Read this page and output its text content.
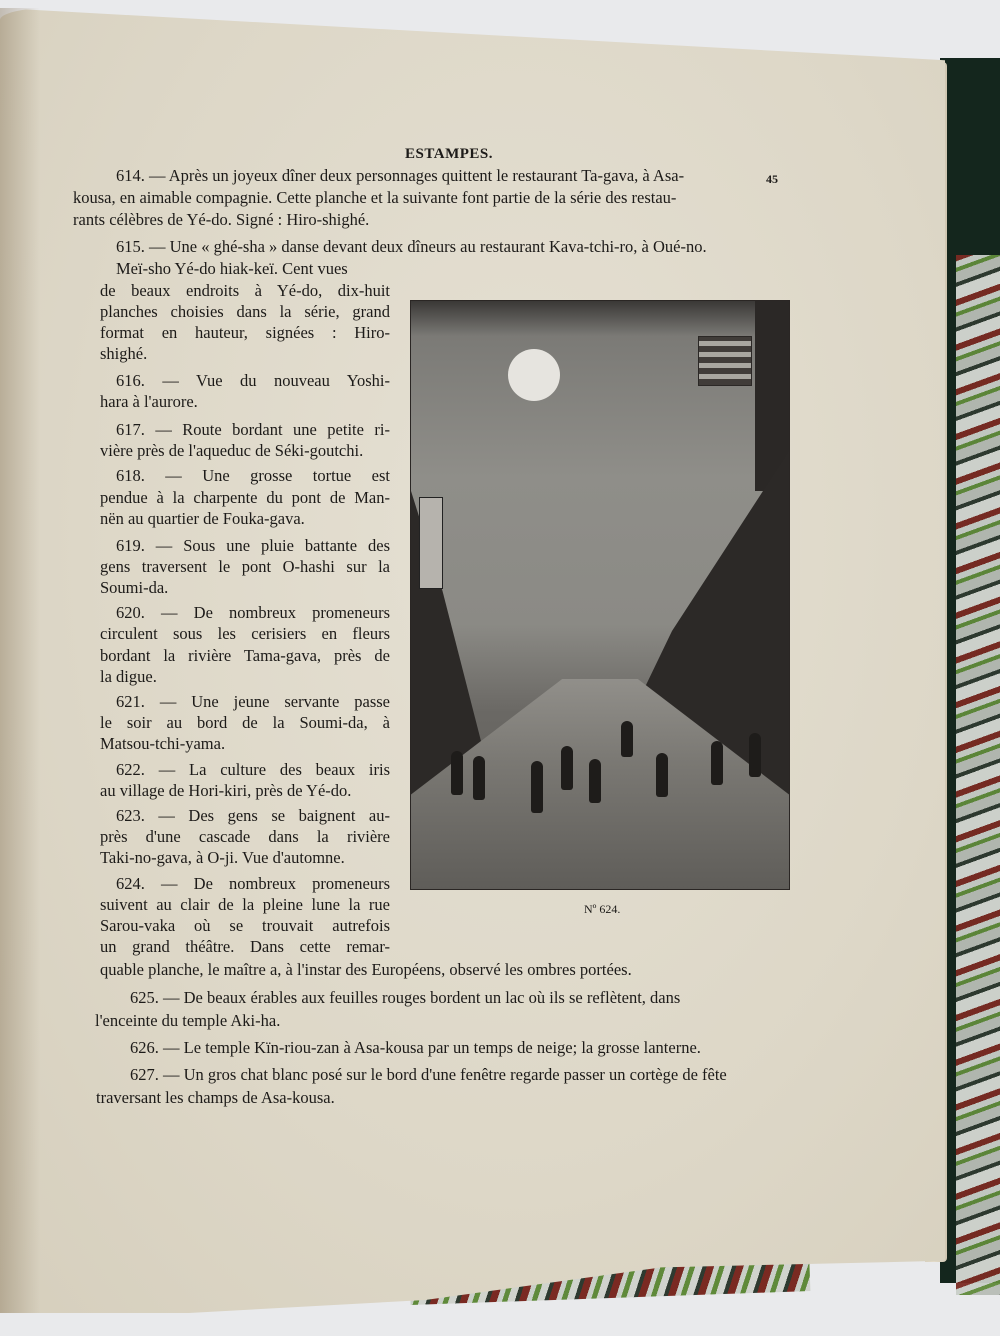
ESTAMPES.
45
614. — Après un joyeux dîner deux personnages quittent le restaurant Ta-gava, à Asa-
kousa, en aimable compagnie. Cette planche et la suivante font partie de la série des restau-
rants célèbres de Yé-do. Signé : Hiro-shighé.
615. — Une « ghé-sha » danse devant deux dîneurs au restaurant Kava-tchi-ro, à Oué-no.
Meï-sho Yé-do hiak-keï. Cent vues
de beaux endroits à Yé-do, dix-huit
planches choisies dans la série, grand
format en hauteur, signées : Hiro-
shighé.
616. — Vue du nouveau Yoshi-
hara à l'aurore.
617. — Route bordant une petite ri-
vière près de l'aqueduc de Séki-goutchi.
618. — Une grosse tortue est
pendue à la charpente du pont de Man-
nën au quartier de Fouka-gava.
619. — Sous une pluie battante des
gens traversent le pont O-hashi sur la
Soumi-da.
620. — De nombreux promeneurs
circulent sous les cerisiers en fleurs
bordant la rivière Tama-gava, près de
la digue.
621. — Une jeune servante passe
le soir au bord de la Soumi-da, à
Matsou-tchi-yama.
622. — La culture des beaux iris
au village de Hori-kiri, près de Yé-do.
623. — Des gens se baignent au-
près d'une cascade dans la rivière
Taki-no-gava, à O-ji. Vue d'automne.
624. — De nombreux promeneurs
suivent au clair de la pleine lune la rue
Sarou-vaka où se trouvait autrefois
un grand théâtre. Dans cette remar-
quable planche, le maître a, à l'instar des Européens, observé les ombres portées.
625. — De beaux érables aux feuilles rouges bordent un lac où ils se reflètent, dans
l'enceinte du temple Aki-ha.
626. — Le temple Kïn-riou-zan à Asa-kousa par un temps de neige; la grosse lanterne.
627. — Un gros chat blanc posé sur le bord d'une fenêtre regarde passer un cortège de fête
traversant les champs de Asa-kousa.
Nº 624.
